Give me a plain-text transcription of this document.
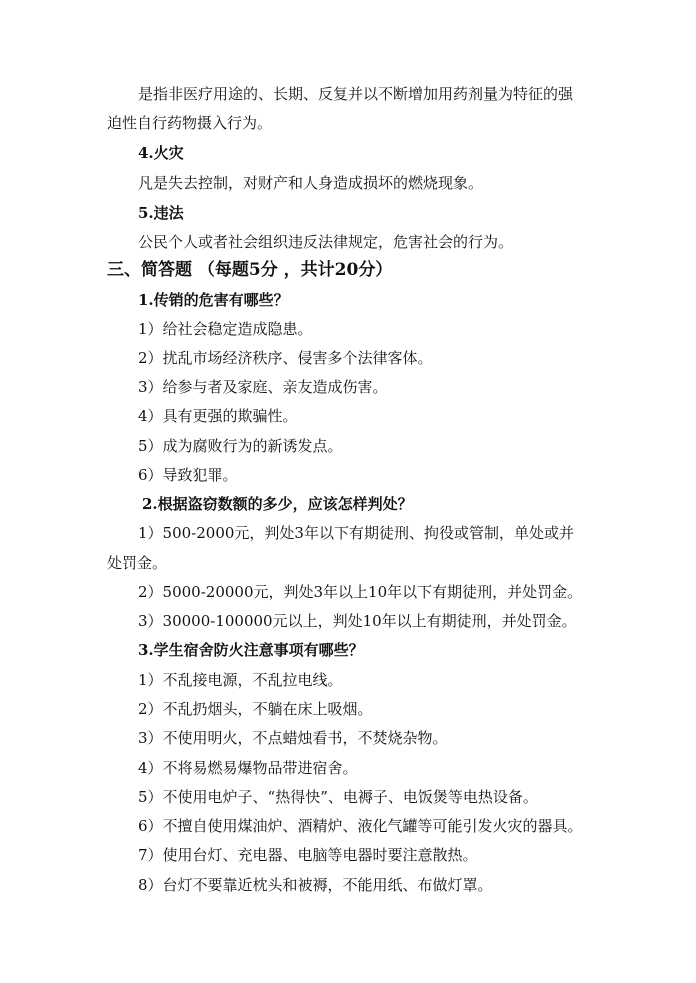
是指非医疗用途的、长期、反复并以不断增加用药剂量为特征的强
迫性自行药物摄入行为。
4.火灾
凡是失去控制，对财产和人身造成损坏的燃烧现象。
5.违法
公民个人或者社会组织违反法律规定，危害社会的行为。
三、简答题 （每题5分 ，共计20分）
1.传销的危害有哪些？
1）给社会稳定造成隐患。
2）扰乱市场经济秩序、侵害多个法律客体。
3）给参与者及家庭、亲友造成伤害。
4）具有更强的欺骗性。
5）成为腐败行为的新诱发点。
6）导致犯罪。
2.根据盗窃数额的多少，应该怎样判处？
1）500-2000元，判处3年以下有期徒刑、拘役或管制，单处或并
处罚金。
2）5000-20000元，判处3年以上10年以下有期徒刑，并处罚金。
3）30000-100000元以上，判处10年以上有期徒刑，并处罚金。
3.学生宿舍防火注意事项有哪些？
1）不乱接电源，不乱拉电线。
2）不乱扔烟头，不躺在床上吸烟。
3）不使用明火，不点蜡烛看书，不焚烧杂物。
4）不将易燃易爆物品带进宿舍。
5）不使用电炉子、“热得快”、电褥子、电饭煲等电热设备。
6）不擅自使用煤油炉、酒精炉、液化气罐等可能引发火灾的器具。
7）使用台灯、充电器、电脑等电器时要注意散热。
8）台灯不要靠近枕头和被褥，不能用纸、布做灯罩。
